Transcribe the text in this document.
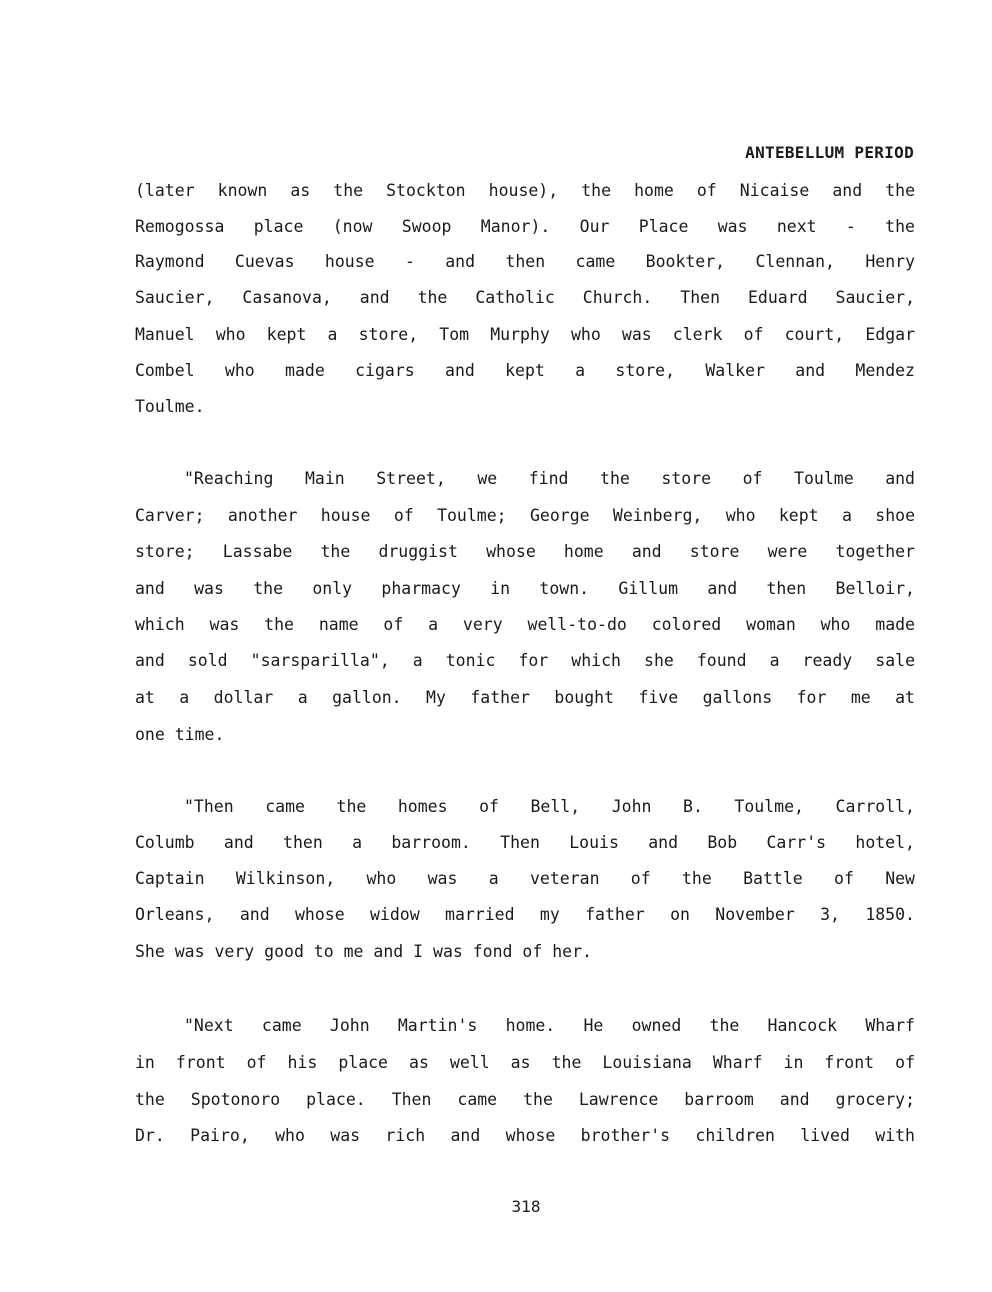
ANTEBELLUM PERIOD
(later known as the Stockton house), the home of Nicaise and the
Remogossa place (now Swoop Manor). Our Place was next - the
Raymond Cuevas house - and then came Bookter, Clennan, Henry
Saucier, Casanova, and the Catholic Church. Then Eduard Saucier,
Manuel who kept a store, Tom Murphy who was clerk of court, Edgar
Combel who made cigars and kept a store, Walker and Mendez
Toulme.
"Reaching Main Street, we find the store of Toulme and
Carver; another house of Toulme; George Weinberg, who kept a shoe
store; Lassabe the druggist whose home and store were together
and was the only pharmacy in town. Gillum and then Belloir,
which was the name of a very well-to-do colored woman who made
and sold "sarsparilla", a tonic for which she found a ready sale
at a dollar a gallon. My father bought five gallons for me at
one time.
"Then came the homes of Bell, John B. Toulme, Carroll,
Columb and then a barroom. Then Louis and Bob Carr's hotel,
Captain Wilkinson, who was a veteran of the Battle of New
Orleans, and whose widow married my father on November 3, 1850.
She was very good to me and I was fond of her.
"Next came John Martin's home. He owned the Hancock Wharf
in front of his place as well as the Louisiana Wharf in front of
the Spotonoro place. Then came the Lawrence barroom and grocery;
Dr. Pairo, who was rich and whose brother's children lived with
318
